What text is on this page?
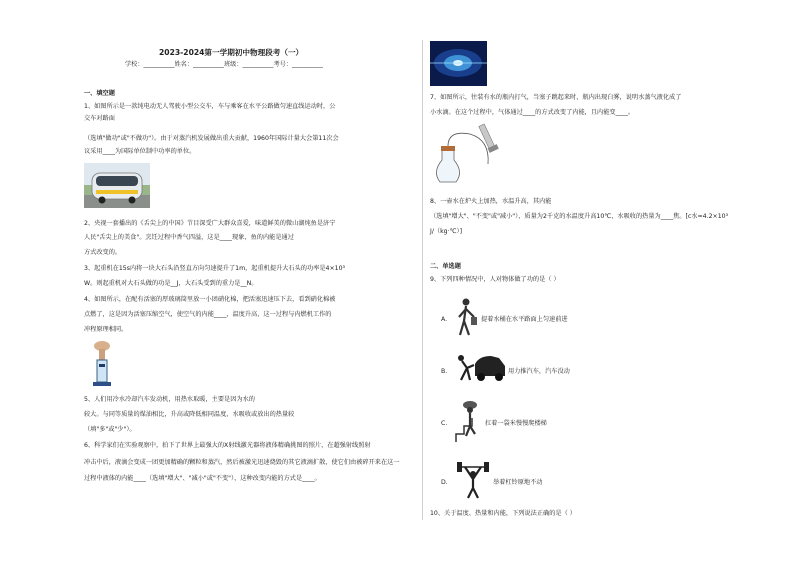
2023-2024第一学期初中物理段考（一）
学校：__________姓名：__________班级：__________考号：__________
一、填空题
1、如图所示是一款纯电动无人驾驶小型公交车，车与乘客在水平公路做匀速直线运动时，公
交车对路面
（选填"做功"或"不做功"）。由于对蒸汽机发展做出重大贡献，1960年国际计量大会第11次会
议采用____为国际单位制中功率的单位。
2、央视一套播出的《舌尖上的中国》节目深受广大群众喜爱，味道鲜美的微山湖炖鱼是济宁
人民"舌尖上的美食"。烹饪过程中香气四溢，这是____现象，鱼的内能是通过
方式改变的。
3、起重机在15s内将一块大石头沿竖直方向匀速提升了1m，起重机提升大石头的功率是4×10³
W。则起重机对大石头做的功是__J，大石头受到的重力是__N。
4、如图所示，在配有活塞的厚玻璃筒里放一小团硝化棉，把活塞迅速压下去，看到硝化棉被
点燃了，这是因为活塞压缩空气，使空气的内能____，温度升高，这一过程与内燃机工作的
冲程原理相同。
5、人们用冷水冷却汽车发动机，用热水取暖，主要是因为水的
较大。与同等质量的煤油相比，升高或降低相同温度，水吸收或放出的热量较
（填"多"或"少"）。
6、科学家们在实验观察中，拍下了世界上最强大的X射线激光器将液体精确挑图的照片，在超强射线照射
冲击中后，液滴会变成一团更加精确的颗粒和蒸汽，然后被激光迅速烧毁的其它液滴扩散，使它们由被碎开来在这一
过程中液体的内能____（选填"增大"、"减小"或"不变"），这种改变内能的方式是____。
7、如图所示，往装有水的瓶内打气，当塞子跳起来时，瓶内出现白雾，说明水蒸气液化成了
小水滴。在这个过程中，气体通过____的方式改变了内能，且内能变____。
8、一壶水在炉火上加热，水温升高，其内能
（选填"增大"、"不变"或"减小"），质量为2千克的水温度升高10℃，水吸收的热量为____焦。[c水=4.2×10³
J/（kg·℃）]
二、单选题
9、下列四种情况中，人对物体做了功的是（ ）
A.	提着水桶在水平路面上匀速前进
B.	用力推汽车，汽车没动
C.	扛着一袋米慢慢爬楼梯
D.	举着杠铃原地不动
10、关于温度、热量和内能，下列说法正确的是（ ）
